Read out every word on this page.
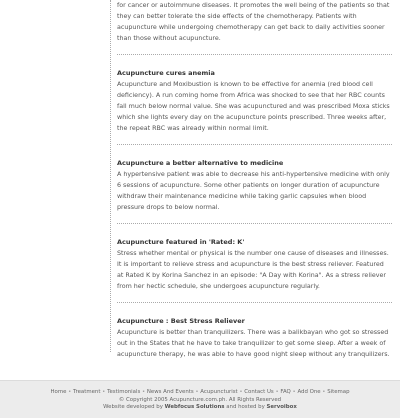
for cancer or autoimmune diseases. It promotes the well being of the patients so that they can better tolerate the side effects of the chemotherapy. Patients with acupuncture while undergoing chemotherapy can get back to daily activities sooner than those without acupuncture.

Acupuncture cures anemia

Acupuncture and Moxibustion is known to be effective for anemia (red blood cell deficiency). A run coming home from Africa was shocked to see that her RBC counts fall much below normal value. She was acupunctured and was prescribed Moxa sticks which she lights every day on the acupuncture points prescribed. Three weeks after, the repeat RBC was already within normal limit.

Acupuncture a better alternative to medicine

A hypertensive patient was able to decrease his anti-hypertensive medicine with only 6 sessions of acupuncture. Some other patients on longer duration of acupuncture withdraw their maintenance medicine while taking garlic capsules when blood pressure drops to below normal.

Acupuncture featured in 'Rated: K'

Stress whether mental or physical is the number one cause of diseases and illnesses. It is important to relieve stress and acupuncture is the best stress reliever. Featured at Rated K by Korina Sanchez in an episode: "A Day with Korina". As a stress reliever from her hectic schedule, she undergoes acupuncture regularly.

Acupuncture : Best Stress Reliever

Acupuncture is better than tranquilizers. There was a balikbayan who got so stressed out in the States that he have to take tranquilizer to get some sleep. After a week of acupuncture therapy, he was able to have good night sleep without any tranquilizers.

Home • Treatment • Testimonials • News And Events • Acupuncturist • Contact Us • FAQ • Add One • Sitemap
© Copyright 2005 Acupuncture.com.ph. All Rights Reserved
Website developed by Webfocus Solutions and hosted by Servoibox
